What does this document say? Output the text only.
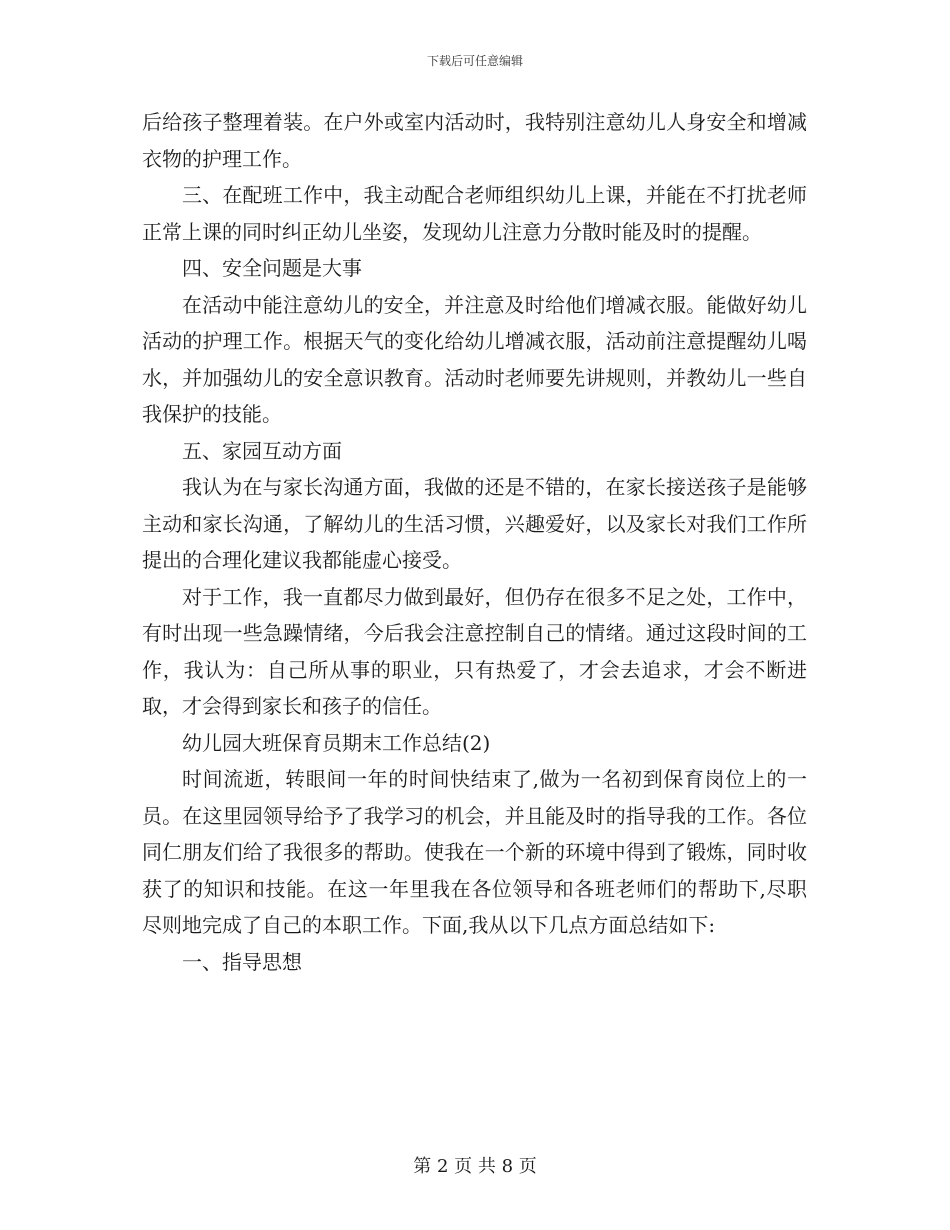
下载后可任意编辑

后给孩子整理着装。在户外或室内活动时，我特别注意幼儿人身安全和增减衣物的护理工作。

三、在配班工作中，我主动配合老师组织幼儿上课，并能在不打扰老师正常上课的同时纠正幼儿坐姿，发现幼儿注意力分散时能及时的提醒。

四、安全问题是大事

在活动中能注意幼儿的安全，并注意及时给他们增减衣服。能做好幼儿活动的护理工作。根据天气的变化给幼儿增减衣服，活动前注意提醒幼儿喝水，并加强幼儿的安全意识教育。活动时老师要先讲规则，并教幼儿一些自我保护的技能。

五、家园互动方面

我认为在与家长沟通方面，我做的还是不错的，在家长接送孩子是能够主动和家长沟通，了解幼儿的生活习惯，兴趣爱好，以及家长对我们工作所提出的合理化建议我都能虚心接受。

对于工作，我一直都尽力做到最好，但仍存在很多不足之处，工作中，有时出现一些急躁情绪，今后我会注意控制自己的情绪。通过这段时间的工作，我认为：自己所从事的职业，只有热爱了，才会去追求，才会不断进取，才会得到家长和孩子的信任。

幼儿园大班保育员期末工作总结(2)

时间流逝，转眼间一年的时间快结束了,做为一名初到保育岗位上的一员。在这里园领导给予了我学习的机会，并且能及时的指导我的工作。各位同仁朋友们给了我很多的帮助。使我在一个新的环境中得到了锻炼，同时收获了的知识和技能。在这一年里我在各位领导和各班老师们的帮助下,尽职尽则地完成了自己的本职工作。下面,我从以下几点方面总结如下:

一、指导思想

第 2 页 共 8 页
